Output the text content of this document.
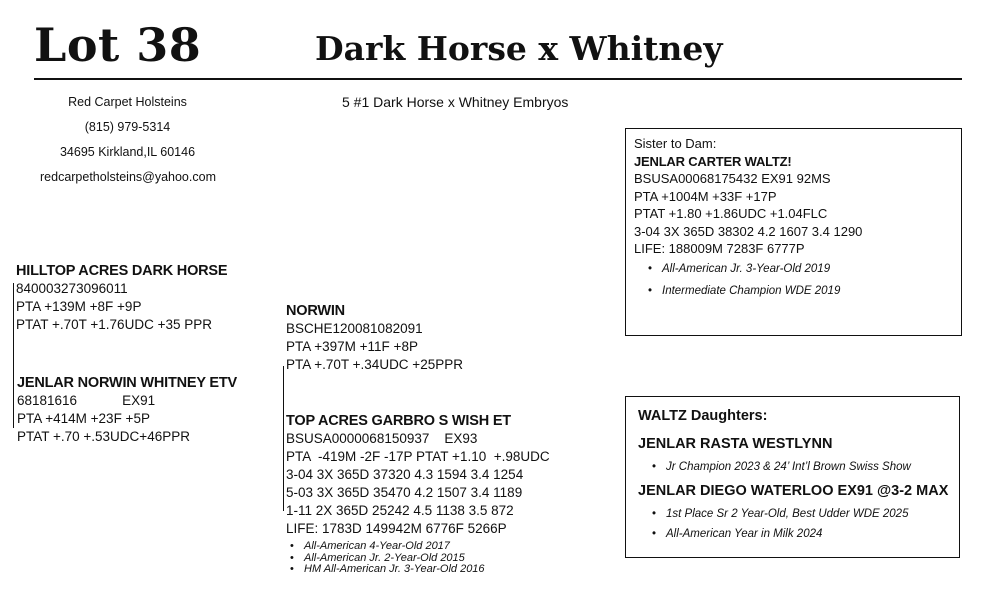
Lot 38	Dark Horse x Whitney
Red Carpet Holsteins
(815) 979-5314
34695 Kirkland,IL 60146
redcarpetholsteins@yahoo.com
5 #1 Dark Horse x Whitney Embryos
HILLTOP ACRES DARK HORSE
840003273096011
PTA +139M +8F +9P
PTAT +.70T +1.76UDC +35 PPR
JENLAR NORWIN WHITNEY ETV
68181616            EX91
PTA +414M +23F +5P
PTAT +.70 +.53UDC+46PPR
NORWIN
BSCHE120081082091
PTA +397M +11F +8P
PTA +.70T +.34UDC +25PPR
TOP ACRES GARBRO S WISH ET
BSUSA0000068150937    EX93
PTA  -419M -2F -17P PTAT +1.10  +.98UDC
3-04 3X 365D 37320 4.3 1594 3.4 1254
5-03 3X 365D 35470 4.2 1507 3.4 1189
1-11 2X 365D 25242 4.5 1138 3.5 872
LIFE: 1783D 149942M 6776F 5266P
• All-American 4-Year-Old 2017
• All-American Jr. 2-Year-Old 2015
• HM All-American Jr. 3-Year-Old 2016
Sister to Dam:
JENLAR CARTER WALTZ!
BSUSA00068175432 EX91 92MS
PTA +1004M +33F +17P
PTAT +1.80 +1.86UDC +1.04FLC
3-04 3X 365D 38302 4.2 1607 3.4 1290
LIFE: 188009M 7283F 6777P
• All-American Jr. 3-Year-Old 2019
• Intermediate Champion WDE 2019
WALTZ Daughters:
JENLAR RASTA WESTLYNN
• Jr Champion 2023 & 24’ Int’l Brown Swiss Show
JENLAR DIEGO WATERLOO EX91 @3-2 MAX
• 1st Place Sr 2 Year-Old, Best Udder WDE 2025
• All-American Year in Milk 2024
